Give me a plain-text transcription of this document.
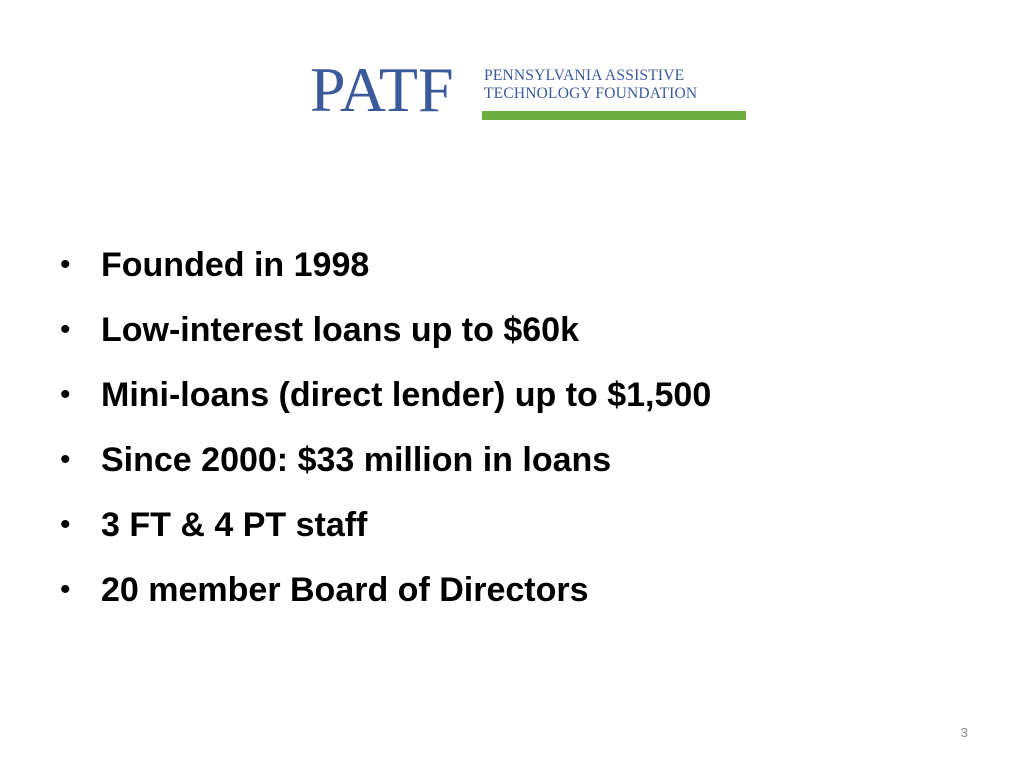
PATF PENNSYLVANIA ASSISTIVE
TECHNOLOGY FOUNDATION
• Founded in 1998
• Low-interest loans up to $60k
• Mini-loans (direct lender) up to $1,500
• Since 2000: $33 million in loans
• 3 FT & 4 PT staff
• 20 member Board of Directors
3
